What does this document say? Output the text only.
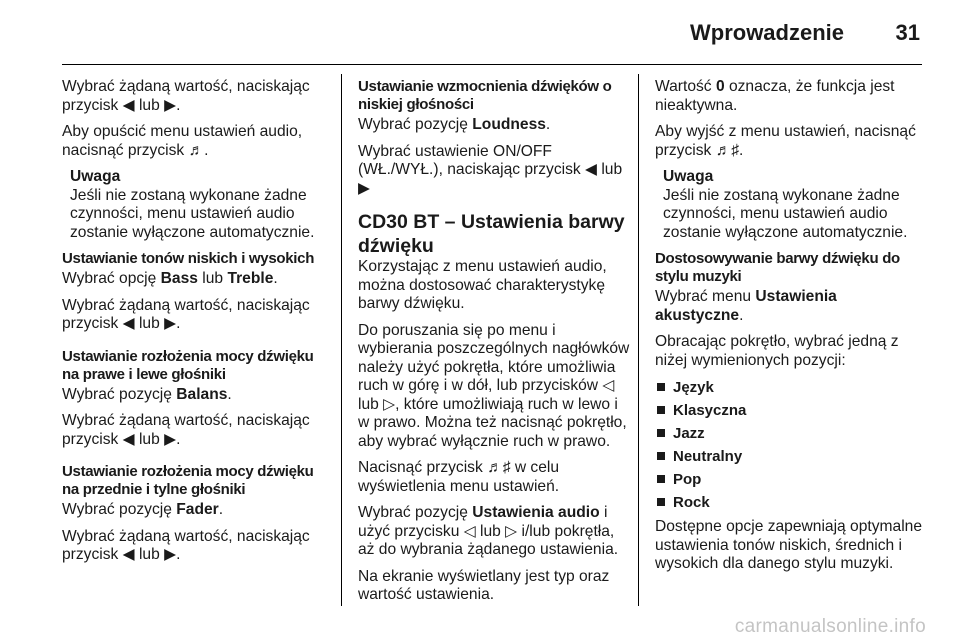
Wprowadzenie 31

Wybrać żądaną wartość, naciskając przycisk ◀ lub ▶.

Aby opuścić menu ustawień audio, nacisnąć przycisk ♬.

Uwaga
Jeśli nie zostaną wykonane żadne czynności, menu ustawień audio zostanie wyłączone automatycznie.
Ustawianie tonów niskich i wysokich

Wybrać opcję Bass lub Treble.

Wybrać żądaną wartość, naciskając przycisk ◀ lub ▶.

Ustawianie rozłożenia mocy dźwięku na prawe i lewe głośniki

Wybrać pozycję Balans.

Wybrać żądaną wartość, naciskając przycisk ◀ lub ▶.

Ustawianie rozłożenia mocy dźwięku na przednie i tylne głośniki

Wybrać pozycję Fader.

Wybrać żądaną wartość, naciskając przycisk ◀ lub ▶.

Ustawianie wzmocnienia dźwięków o niskiej głośności

Wybrać pozycję Loudness.

Wybrać ustawienie ON/OFF (WŁ./WYŁ.), naciskając przycisk ◀ lub ▶

CD30 BT – Ustawienia barwy dźwięku

Korzystając z menu ustawień audio, można dostosować charakterystykę barwy dźwięku.

Do poruszania się po menu i wybierania poszczególnych nagłówków należy użyć pokrętła, które umożliwia ruch w górę i w dół, lub przycisków ◁ lub ▷, które umożliwiają ruch w lewo i w prawo. Można też nacisnąć pokrętło, aby wybrać wyłącznie ruch w prawo.

Nacisnąć przycisk ♬♯ w celu wyświetlenia menu ustawień.

Wybrać pozycję Ustawienia audio i użyć przycisku ◁ lub ▷ i/lub pokrętła, aż do wybrania żądanego ustawienia.

Na ekranie wyświetlany jest typ oraz wartość ustawienia.

Wartość 0 oznacza, że funkcja jest nieaktywna.

Aby wyjść z menu ustawień, nacisnąć przycisk ♬♯.

Uwaga
Jeśli nie zostaną wykonane żadne czynności, menu ustawień audio zostanie wyłączone automatycznie.
Dostosowywanie barwy dźwięku do stylu muzyki

Wybrać menu Ustawienia akustyczne.

Obracając pokrętło, wybrać jedną z niżej wymienionych pozycji:

Język
Klasyczna
Jazz
Neutralny
Pop
Rock

Dostępne opcje zapewniają optymalne ustawienia tonów niskich, średnich i wysokich dla danego stylu muzyki.

carmanualsonline.info
